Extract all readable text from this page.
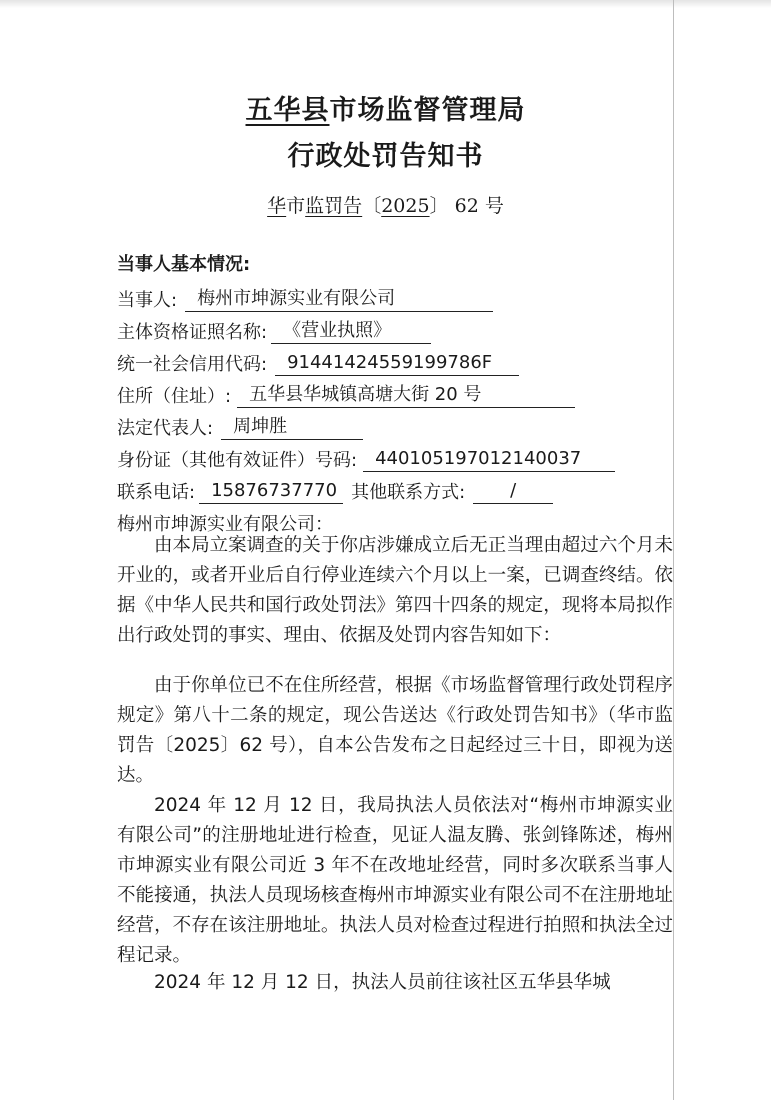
五华县市场监督管理局
行政处罚告知书
华市监罚告〔2025〕 62 号
当事人基本情况:
当事人: 梅州市坤源实业有限公司
主体资格证照名称: 《营业执照》
统一社会信用代码: 91441424559199786F
住所（住址）: 五华县华城镇高塘大街 20 号
法定代表人: 周坤胜
身份证（其他有效证件）号码: 440105197012140037
联系电话: 15876737770 其他联系方式: /
梅州市坤源实业有限公司：
由本局立案调查的关于你店涉嫌成立后无正当理由超过六个月未开业的，或者开业后自行停业连续六个月以上一案，已调查终结。依据《中华人民共和国行政处罚法》第四十四条的规定，现将本局拟作出行政处罚的事实、理由、依据及处罚内容告知如下：
由于你单位已不在住所经营，根据《市场监督管理行政处罚程序规定》第八十二条的规定，现公告送达《行政处罚告知书》（华市监罚告〔2025〕62 号），自本公告发布之日起经过三十日，即视为送达。
2024 年 12 月 12 日，我局执法人员依法对“梅州市坤源实业有限公司”的注册地址进行检查，见证人温友腾、张剑锋陈述，梅州市坤源实业有限公司近 3 年不在改地址经营，同时多次联系当事人不能接通，执法人员现场核查梅州市坤源实业有限公司不在注册地址经营，不存在该注册地址。执法人员对检查过程进行拍照和执法全过程记录。
2024 年 12 月 12 日，执法人员前往该社区五华县华城
